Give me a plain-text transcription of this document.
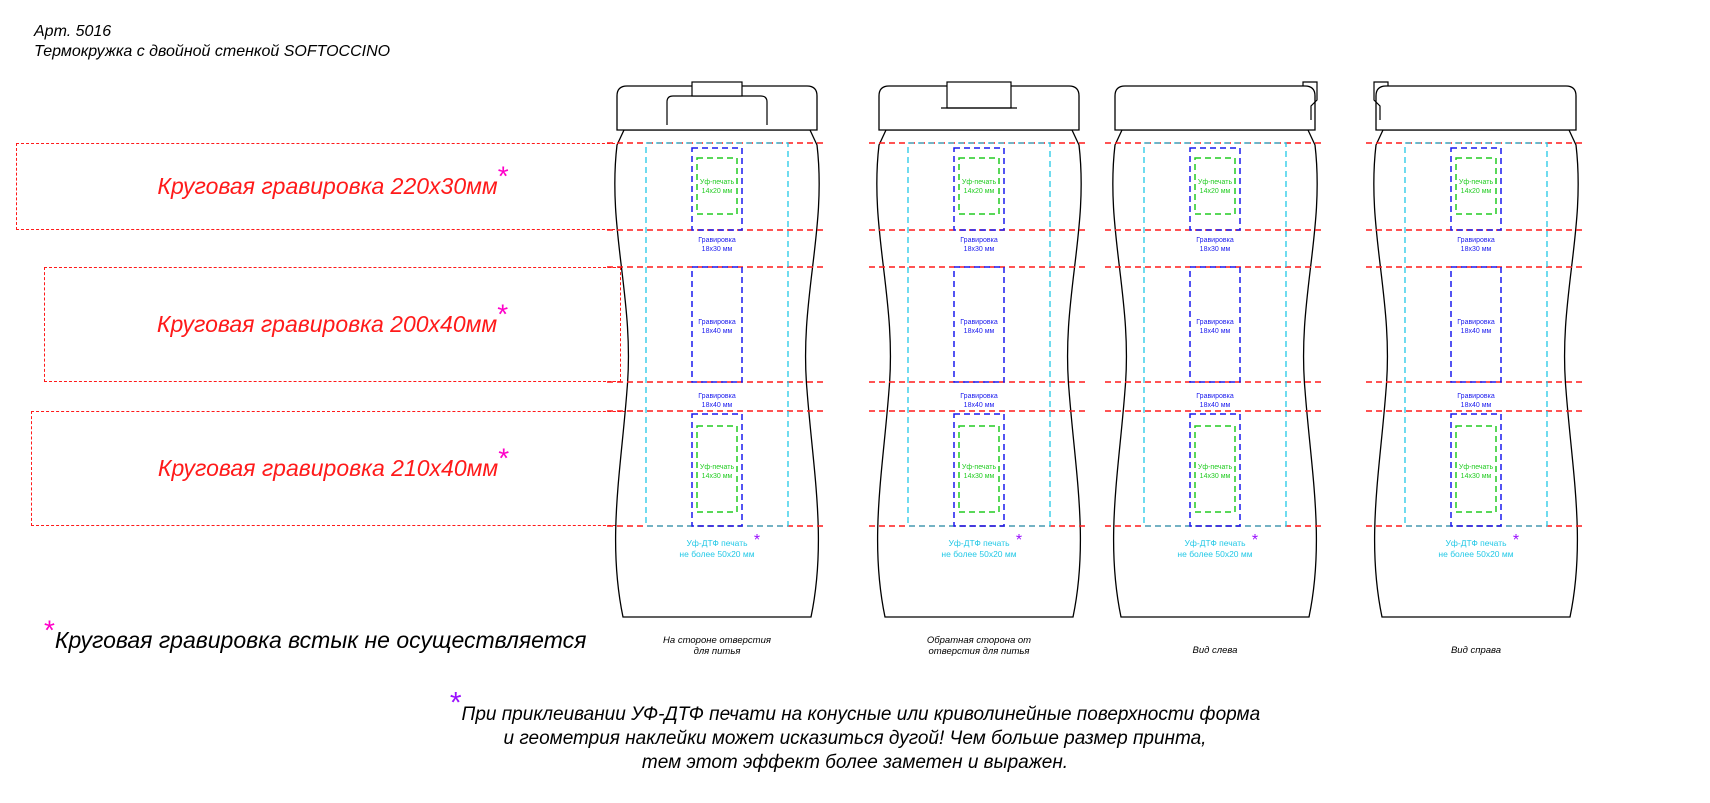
Арт. 5016
Термокружка с двойной стенкой SOFTOCCINO
Круговая гравировка 220х30мм*
Круговая гравировка 200х40мм*
Круговая гравировка 210х40мм*
Уф-печать
14х20 мм
Гравировка
18х30 мм
Гравировка
18х40 мм
Гравировка
18х40 мм
Уф-печать
14х30 мм
Уф-ДТФ печать *
не более 50х20 мм
На стороне отверстия
для питья
Уф-печать
14х20 мм
Гравировка
18х30 мм
Гравировка
18х40 мм
Гравировка
18х40 мм
Уф-печать
14х30 мм
Уф-ДТФ печать *
не более 50х20 мм
Обратная сторона от
отверстия для питья
Уф-печать
14х20 мм
Гравировка
18х30 мм
Гравировка
18х40 мм
Гравировка
18х40 мм
Уф-печать
14х30 мм
Уф-ДТФ печать *
не более 50х20 мм
Вид слева
Уф-печать
14х20 мм
Гравировка
18х30 мм
Гравировка
18х40 мм
Гравировка
18х40 мм
Уф-печать
14х30 мм
Уф-ДТФ печать *
не более 50х20 мм
Вид справа
*Круговая гравировка встык не осуществляется
*При приклеивании УФ-ДТФ печати на конусные или криволинейные поверхности форма
и геометрия наклейки может исказиться дугой! Чем больше размер принта,
тем этот эффект более заметен и выражен.
